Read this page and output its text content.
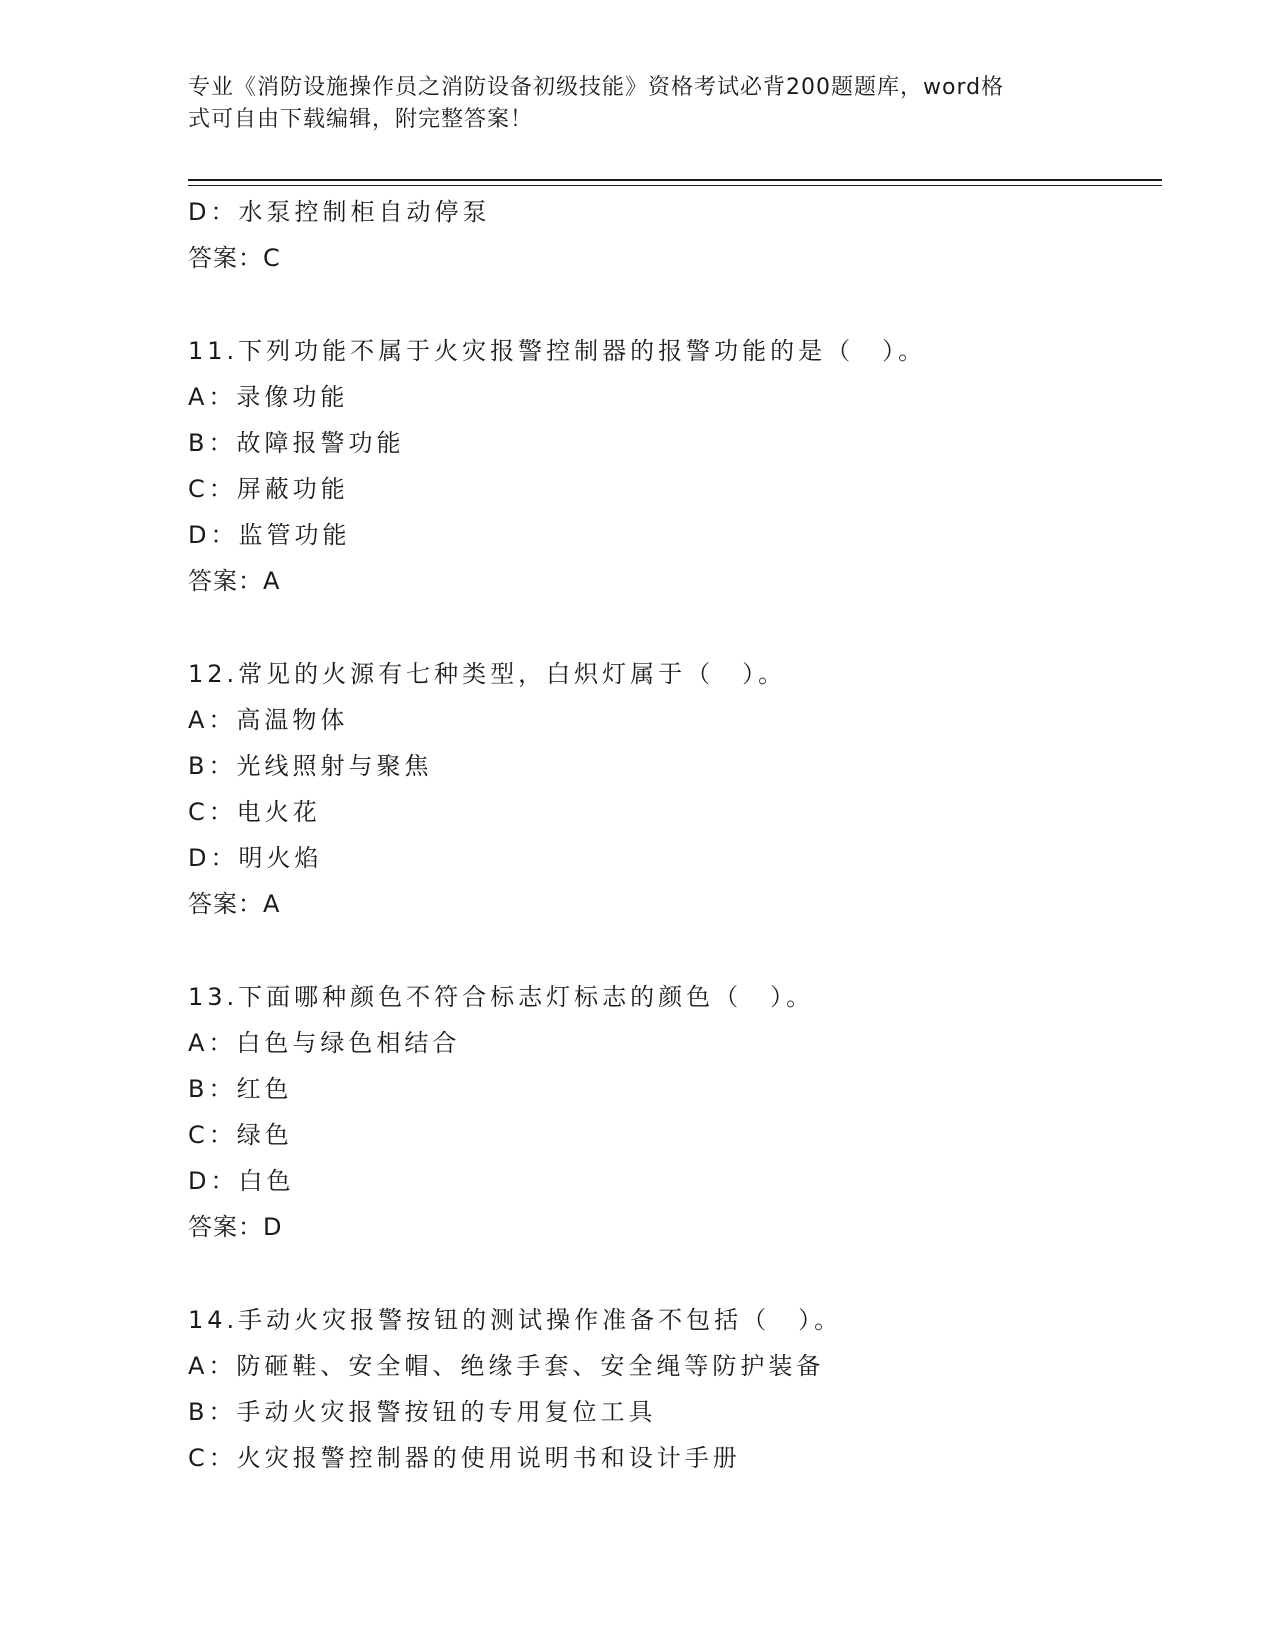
专业《消防设施操作员之消防设备初级技能》资格考试必背200题题库，word格
式可自由下载编辑，附完整答案！
D：水泵控制柜自动停泵
答案：C
11.下列功能不属于火灾报警控制器的报警功能的是（　）。
A：录像功能
B：故障报警功能
C：屏蔽功能
D：监管功能
答案：A
12.常见的火源有七种类型，白炽灯属于（　）。
A：高温物体
B：光线照射与聚焦
C：电火花
D：明火焰
答案：A
13.下面哪种颜色不符合标志灯标志的颜色（　）。
A：白色与绿色相结合
B：红色
C：绿色
D：白色
答案：D
14.手动火灾报警按钮的测试操作准备不包括（　）。
A：防砸鞋、安全帽、绝缘手套、安全绳等防护装备
B：手动火灾报警按钮的专用复位工具
C：火灾报警控制器的使用说明书和设计手册
